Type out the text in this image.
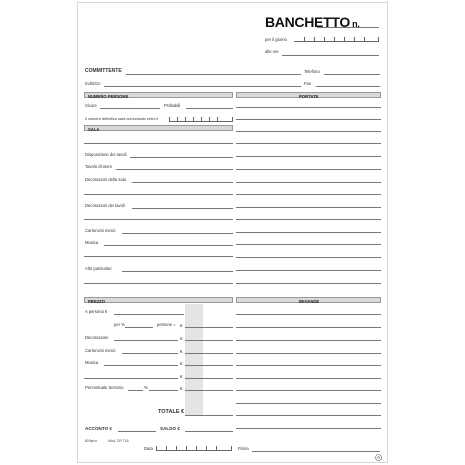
BANCHETTO n.
per il giorno
alle ore
COMMITTENTE	Telefono
Indirizzo	Fax
NUMERO PERSONE	PORTATE
Sicure	Probabili
Il numero definitivo sarà comunicato entro il
SALA
Disposizione dei tavoli
Tavolo d'onore
Decorazioni della sala
Decorazioni dei tavoli
Cartoncini menù
Musica
Altri particolari
PREZZO	BEVANDE
A persona €
per %	persone = €
Decorazione	€
Cartoncini menù	€
Musica	€
€
Percentuale Servizio	%	€
TOTALE €
ACCONTO €	SALDO €
Edipro	Mod. CR 715
Data	Firma
